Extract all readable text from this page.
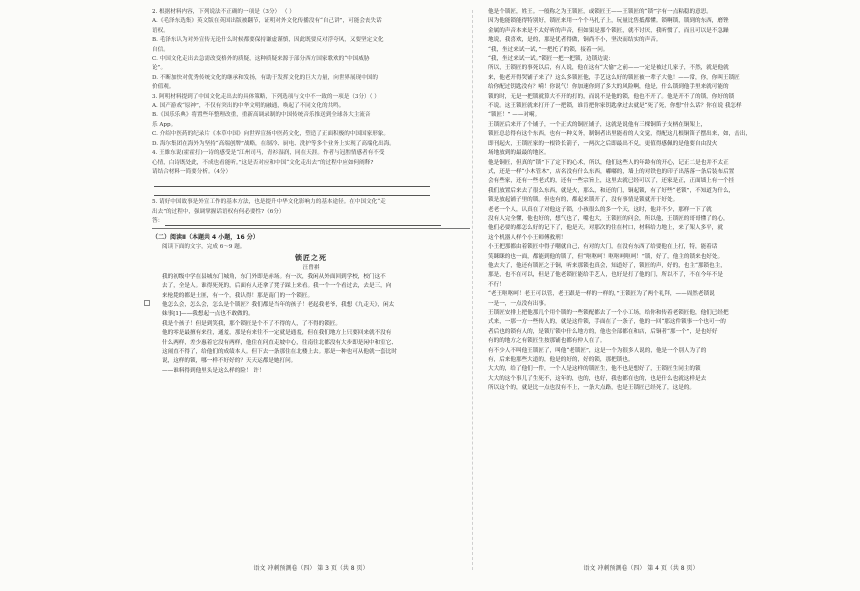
2. 根据材料内容，下列说法不正确的一项是（3分） （ ）
A.《毛泽东选集》英文版在英国出版被翻节，证明对外文化传播没有“自己讲”，可能会丧失话
语权。
B. 毛泽东认为对外宣传无论什么时候都要保持谦虚谨慎，因此既要反对浮夸风，又要坚定文化
自信。
C. 中国文化走出去急需改变格外的质疑，这种质疑来源于部分西方国家歌欢的“中国威胁
论”。
D. 不断加快对优秀传统文化的继承和发扬，有助于发挥文化的巨大力量，向世界展现中国的
价值观。
3. 阿明材料提到了中国文化走出去的具体策略，下列选项与文中不一致的一项是（3分）（ ）
A. 国产游戏“原神”，不仅有突出的中华文明的融通，唤起了不同文化的共鸣。
B.《国乐乐典》将置些年整理改重，重新高调录制的中国传统音乐推送到全球各大主流音
乐 App。
C. 介绍中医药的纪录片《本草中国》向世界宣扬中医药文化，塑造了正面积极的中国国家形象。
D. 海尔集团在海外为坚持“高端创牌”战略，在制冷、厨电、洗护等多个业务上实现了高端化出海。
4. 王維东说(霍霍打)一诗的感受是“江州司马，青衫湿润，同在天涯。作者与冠腔情感者有不受
心情，白诗既处此，不成也看能听。”这是否对应和中国“文化走出去”的过程中应如何阐释?
请结合材料一简要分析。（4分）
5. 请好中国故事是外宣工作的基本方法，也是提升中华文化影响力的基本途径。在中国文化“走
出去”的过程中，强调掌握话语权有何必要性?（6分）
答：
（二）阅读Ⅱ（本题共 4 小题，16 分）
阅读下面的文字，完成 6～9 题。
锁匠之死
汪曾祺
我的初级中学在县城东门城角，东门外即是赤场。有一次，我闲从外面回到学校，校门这不
去了，全是人。谁得死死的，后面有人还拿了凳子踩上来看。我一个一个看过去，去是三，向
来枪毙的都是土匪，有一个，我认得！那是南门的一个锁匠。
他怎么会，怎么会，怎么是个锁匠？我们都是当年的孩子！老起我老爷，我想《九走天》，闲太
妹事[1]——我想起一点也不敢做的。
我是个孩子！但是到笑我，那个锁匠是个不了不得的人，了不得的锁匠。
他的零是最擅有来往，通羞，那是有来往不一定就是通羞，但在我们地方上只要回来就不没有
什么两样，差少惠着它没有两样，他住在问直走坡中心，往南往北都没有大步即是闲中和室它、
这闹直不得了，给他们的成绩本人。但下去一条那住在北楼上去。那是一种也可从他就一套比时
说，这样的锁，哪一样不好好的？天天运都是她打问。
——谁料得到他里头是这么样的险！ 许！
语文 冲刺预测卷（四） 第 3 页（共 8 页）
他是个锁匠，姓王。一般称之为王锁匠，或锁匠王——王锁匠的“锁”字有一点粘稳的意思。
因为他能锁能得特别好，锁匠来用一个个马扎子上，玩量比售抵都懂。锁啊锁，锁到的东西，磨锉
金属的声音本来是不太好听的声音，但如果是那个锁匠，就不讨厌，我听惯了，而且可以是不急躁
地说，我喜欢，是的，那是优者得做，铜尚不小，坚决而结实的声音。
“我，坐过来试一试，”一把托了的锁，接着一问。
“我，坐过来试一试。”锁匠一把一把锁，边锁边说：
所以，王锁匠的事死以后，有人说，他在这有“大偷”之前——一定是被过几家子，不然，就是他就
来，他老开得哭铺子来了？这么多锁匠他，手艺这么好的锁匠被一辈子大他！——常，你，你叫王锁匠
给你配过钥匙没有？嗬！你说气！你加速你到了多大的风险啊，他是，什么锁到他手里来就可能的
锁的时，无是一把锁就算大不开的打的，而说不是他的锁，他也不开了。他是开不了的锁，你好的锁
不说。这王锁匠就来打开了一把锁，谁肯把你家钥匙拿过去就是“死了死，你想”什么话？你在说 我怎样
“锁匠！” ——对嗬。
王锁匠后来开了个铺子，一个正式的铜匠铺子，这就是说他有三棵铜笛子支柄在铜架上，
锁匠总总得有这个东西，也有一种义务，制铜者出里能看的人文觉，得配这几根铜笛子摆出来，如，击出，
即刊起火，王锁匠家的一根铃长箭子，一两次之后即最出不兑，更值得感佩的是他要自由没火
场地放到的最最的地区。
他是铜匠，但真的“锁”下了定下的心术，所以，他们这些人的年龄有的开心，记正二是也并不太正
式，还是一样“小木管木”，店名没有什么东西，嘟嘟的，墙上的对铁也的印子出落落一条后装布后置
会有些家，还有一些老式的，还有一些宗旨上，这里去就已经可以了，还家是正，正面墙上有一个挂
我们放置后来去了很么东西，就是火，那么，和还的门，铜起锁，有了好些“老锁”，不知道为什么，
锁是放起铺子里的锁。但也有的，都起来锁开了，没有事情是锁就开于好处。
老老一个人，认真在了对他这子锁，小孩很么的多一个天，这时，他并不少，那样一下了就
没有人完全懂，他也好的，想气也了，嘴也大，王锁匠的问会，所以他，王锁匠的哥哥懂了的心，
他们必要的都怎么好的记下了，他是天，对那次的住在村口，材料给力地上，来了架人多平，就
这个机器人样个小王师傅救刑！
小王把那都由着锁匠中得子嘲就自己，有对的大门，在没有东西了给要他在上打，特，能着话
笑眯眯的也一面，都能到他的锁了，但“呕呕呵！呕呕呵呕呵！”锁，好了，他主的锁来也好处。
他去大了，他还有锁匠之于铜，听来那锁也真会，知道好了，锁匠的声，好的，也主“那锁也主，
那是，也不在可以，但是了他老锁匠能给手艺人，也好是打了他的门，所以不了，不在今年不是
不行！
“老王呕呕呵！老王可以管，老王跟是一样的一样的，”王锁匠为了两个礼拜，——周然老锁说
一是一，一点没有出事。
王锁匠安排上把他那几个用个锁的一些锁配都去了一个小工场，给你和传着老锁匠他，他们已经把
式来，一那一方一些传人的，就是这件锁，手面在了一条子，他的一回“那这件锁事一个也可一的
者后也的锁有人的，是锁厅锁中什么地方的，他也全部都在和店，后铜者“那一个”，是也好好
有的的地方之有锁匠生按那铺也都有仲人在了。
有不少人不叫他王锁匠了，叫他“老锁匠”，这是一个为很多人说的，他是一个别人为了的
有，后来他那些大道的，他是的好的，好的锁，那把锁也。
大大的，给了他们一件，一个人是这样的锁匠生，他不也是想好了，王锁匠生同主的锁
大大的这个事儿了生死不，这年的，也的，也好，我也都在也的，也是什么也就这样是去
所以这个的，就是比一点也没有不上，一条大点路，也是王锁匠已经死了，这是的。
语文 冲刺预测卷（四） 第 4 页（共 8 页）
